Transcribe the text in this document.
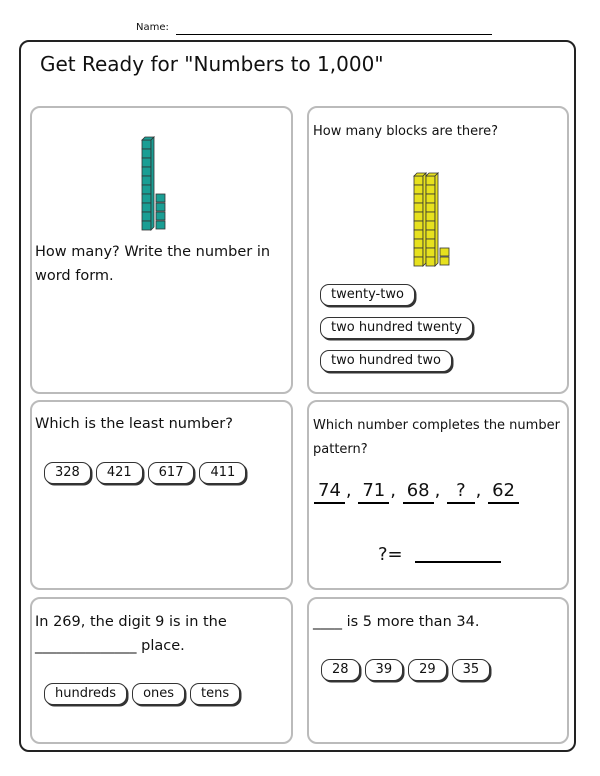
Name:
Get Ready for "Numbers to 1,000"
How many? Write the number in word form.
How many blocks are there?
twenty-two
two hundred twenty
two hundred two
Which is the least number?
328 421 617 411
Which number completes the number pattern?
74 , 71 , 68 , ? , 62
?=
In 269, the digit 9 is in the
______________ place.
hundreds ones tens
____ is 5 more than 34.
28 39 29 35
